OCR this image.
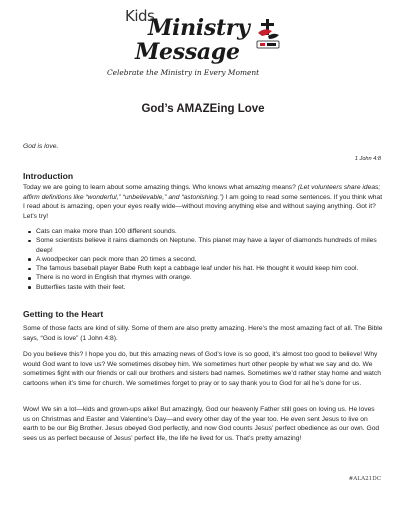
Kids
Ministry
Message
Celebrate the Ministry in Every Moment
God’s AMAZEing Love
God is love.
1 John 4:8
Introduction
Today we are going to learn about some amazing things. Who knows what amazing means? (Let volunteers share ideas; affirm definitions like “wonderful,” “unbelievable,” and “astonishing.”) I am going to read some sentences. If you think what I read about is amazing, open your eyes really wide—without moving anything else and without saying anything. Got it? Let’s try!
Cats can make more than 100 different sounds.
Some scientists believe it rains diamonds on Neptune. This planet may have a layer of diamonds hundreds of miles deep!
A woodpecker can peck more than 20 times a second.
The famous baseball player Babe Ruth kept a cabbage leaf under his hat. He thought it would keep him cool.
There is no word in English that rhymes with orange.
Butterflies taste with their feet.
Getting to the Heart
Some of those facts are kind of silly. Some of them are also pretty amazing. Here’s the most amazing fact of all. The Bible says, “God is love” (1 John 4:8).
Do you believe this? I hope you do, but this amazing news of God’s love is so good, it’s almost too good to believe! Why would God want to love us? We sometimes disobey him. We sometimes hurt other people by what we say and do. We sometimes fight with our friends or call our brothers and sisters bad names. Sometimes we’d rather stay home and watch cartoons when it’s time for church. We sometimes forget to pray or to say thank you to God for all he’s done for us.
Wow! We sin a lot—kids and grown-ups alike! But amazingly, God our heavenly Father still goes on loving us. He loves us on Christmas and Easter and Valentine’s Day—and every other day of the year too. He even sent Jesus to live on earth to be our Big Brother. Jesus obeyed God perfectly, and now God counts Jesus’ perfect obedience as our own. God sees us as perfect because of Jesus’ perfect life, the life he lived for us. That’s pretty amazing!
#ALA21DC
